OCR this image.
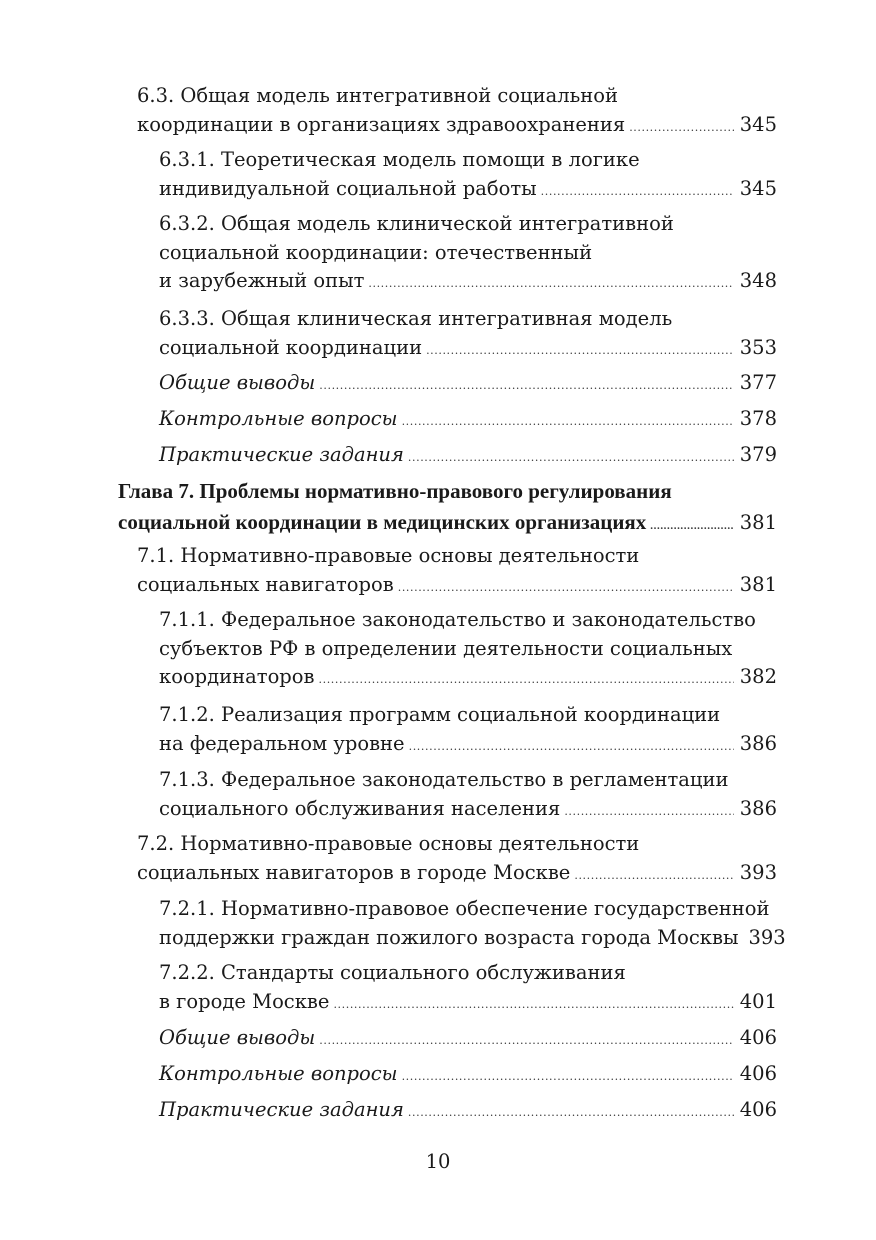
6.3. Общая модель интегративной социальной
координации в организациях здравоохранения .....	345
6.3.1. Теоретическая модель помощи в логике
индивидуальной социальной работы .....	345
6.3.2. Общая модель клинической интегративной
социальной координации: отечественный
и зарубежный опыт .....	348
6.3.3. Общая клиническая интегративная модель
социальной координации .....	353
Общие выводы .....	377
Контрольные вопросы .....	378
Практические задания .....	379
Глава 7. Проблемы нормативно-правового регулирования
социальной координации в медицинских организациях .....	381
7.1. Нормативно-правовые основы деятельности
социальных навигаторов .....	381
7.1.1. Федеральное законодательство и законодательство
субъектов РФ в определении деятельности социальных
координаторов .....	382
7.1.2. Реализация программ социальной координации
на федеральном уровне .....	386
7.1.3. Федеральное законодательство в регламентации
социального обслуживания населения .....	386
7.2. Нормативно-правовые основы деятельности
социальных навигаторов в городе Москве .....	393
7.2.1. Нормативно-правовое обеспечение государственной
поддержки граждан пожилого возраста города Москвы 393
7.2.2. Стандарты социального обслуживания
в городе Москве .....	401
Общие выводы .....	406
Контрольные вопросы .....	406
Практические задания .....	406
10
